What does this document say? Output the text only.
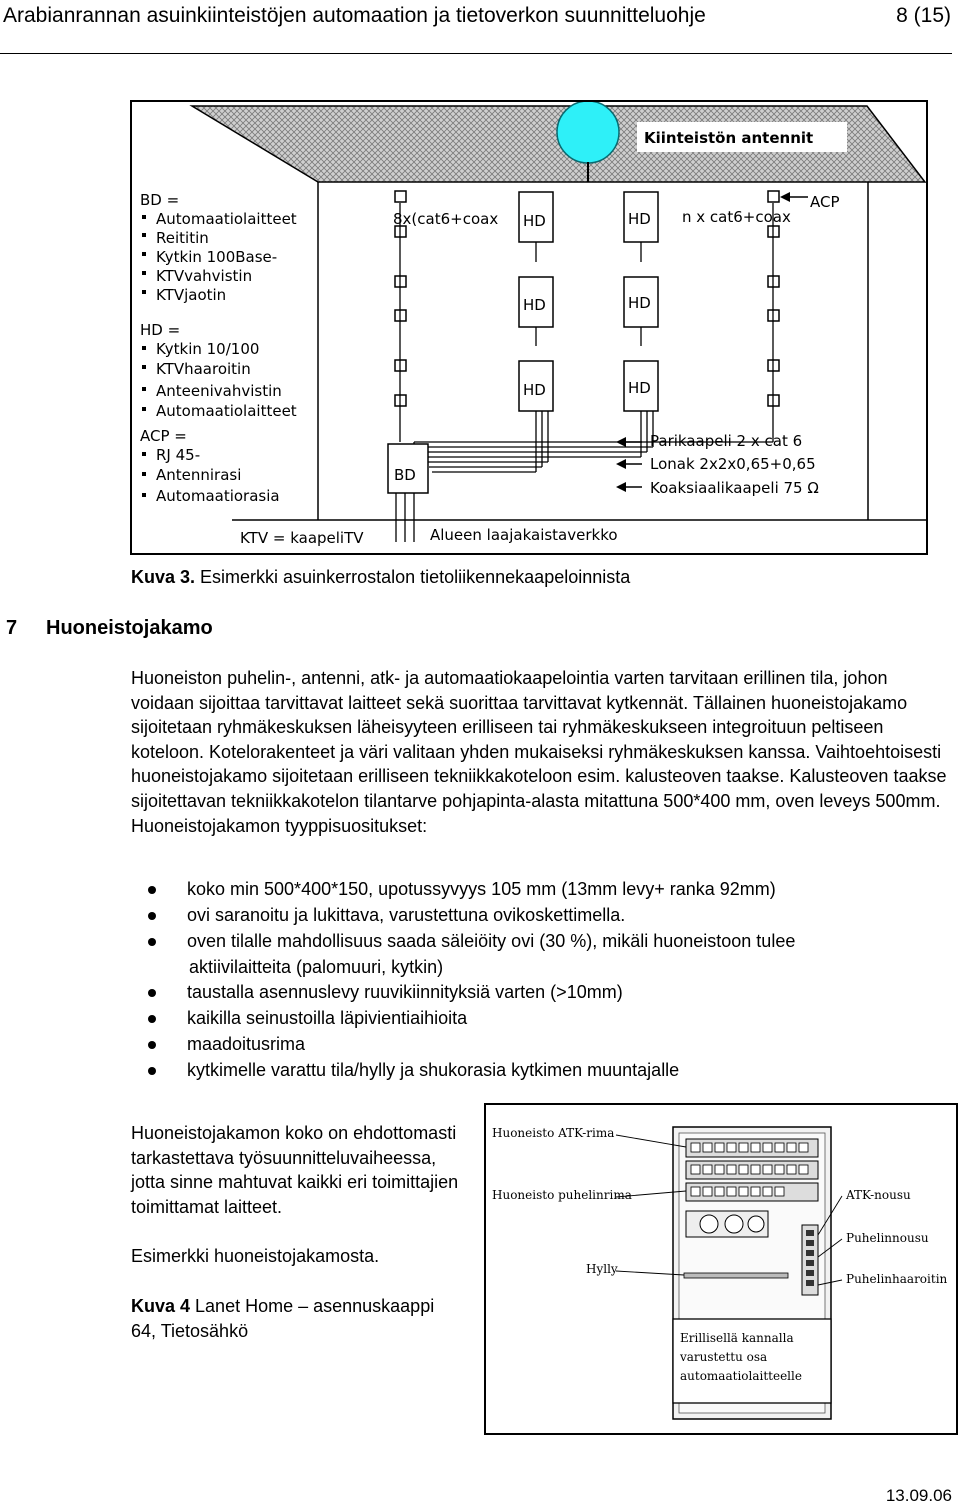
Arabianrannan asuinkiinteistöjen automaation ja tietoverkon suunnitteluohje	8 (15)
Kiinteistön antennit
BD =
Automaatiolaitteet
Reititin
Kytkin 100Base-
KTVvahvistin
KTVjaotin
HD =
Kytkin 10/100
KTVhaaroitin
Anteenivahvistin
Automaatiolaitteet
ACP =
RJ 45-
Antennirasi
Automaatiorasia
8x(cat6+coax HD
HD
HD
HD
HD
HD
n x cat6+coax
ACP
BD
Parikaapeli 2 x cat 6
Lonak 2x2x0,65+0,65
Koaksiaalikaapeli 75 Ω
KTV = kaapeliTV	Alueen laajakaistaverkko
Kuva 3. Esimerkki asuinkerrostalon tietoliikennekaapeloinnista
7 Huoneistojakamo

Huoneiston puhelin-, antenni, atk- ja automaatiokaapelointia varten tarvitaan erillinen tila, johon voidaan sijoittaa tarvittavat laitteet sekä suorittaa tarvittavat kytkennät. Tällainen huoneistojakamo sijoitetaan ryhmäkeskuksen läheisyyteen erilliseen tai ryhmäkeskukseen integroituun peltiseen koteloon. Kotelorakenteet ja väri valitaan yhden mukaiseksi ryhmäkeskuksen kanssa. Vaihtoehtoisesti huoneistojakamo sijoitetaan erilliseen tekniikkakoteloon esim. kalusteoven taakse. Kalusteoven taakse sijoitettavan tekniikkakotelon tilantarve pohjapinta-alasta mitattuna 500*400 mm, oven leveys 500mm. Huoneistojakamon tyyppisuositukset:

koko min 500*400*150, upotussyvyys 105 mm (13mm levy+ ranka 92mm)
ovi saranoitu ja lukittava, varustettuna ovikoskettimella.
oven tilalle mahdollisuus saada säleiöity ovi (30 %), mikäli huoneistoon tulee
aktiivilaitteita (palomuuri, kytkin)
taustalla asennuslevy ruuvikiinnityksiä varten (>10mm)
kaikilla seinustoilla läpivientiaihioita
maadoitusrima
kytkimelle varattu tila/hylly ja shukorasia kytkimen muuntajalle

Huoneistojakamon koko on ehdottomasti tarkastettava työsuunnitteluvaiheessa, jotta sinne mahtuvat kaikki eri toimittajien toimittamat laitteet.

Esimerkki huoneistojakamosta.

Kuva 4 Lanet Home – asennuskaappi 64, Tietosähkö	Erillisellä kannalla
varustettu osa
automaatiolaitteelle
Huoneisto ATK-rima
Huoneisto puhelinrima	ATK-nousu
Puhelinnousu
Hylly
Puhelinhaaroitin
13.09.06
